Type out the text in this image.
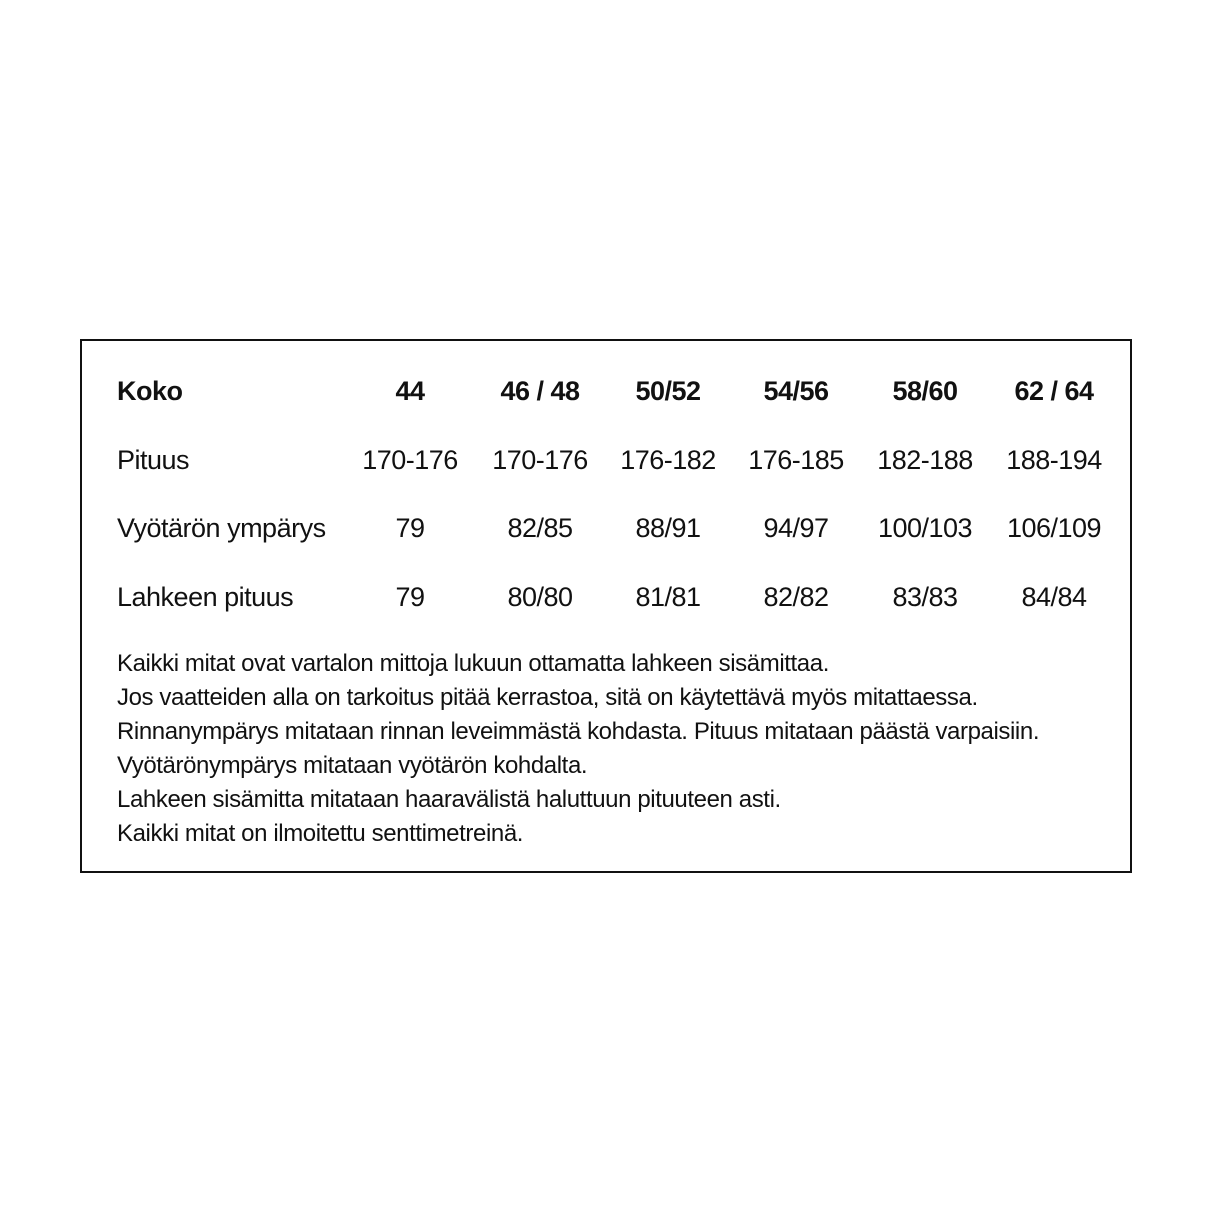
Koko	44	46 / 48	50/52	54/56	58/60	62 / 64
Pituus	170-176	170-176	176-182	176-185	182-188	188-194
Vyötärön ympärys	79	82/85	88/91	94/97	100/103	106/109
Lahkeen pituus	79	80/80	81/81	82/82	83/83	84/84
Kaikki mitat ovat vartalon mittoja lukuun ottamatta lahkeen sisämittaa.
Jos vaatteiden alla on tarkoitus pitää kerrastoa, sitä on käytettävä myös mitattaessa.
Rinnanympärys mitataan rinnan leveimmästä kohdasta. Pituus mitataan päästä varpaisiin.
Vyötärönympärys mitataan vyötärön kohdalta.
Lahkeen sisämitta mitataan haaravälistä haluttuun pituuteen asti.
Kaikki mitat on ilmoitettu senttimetreinä.
